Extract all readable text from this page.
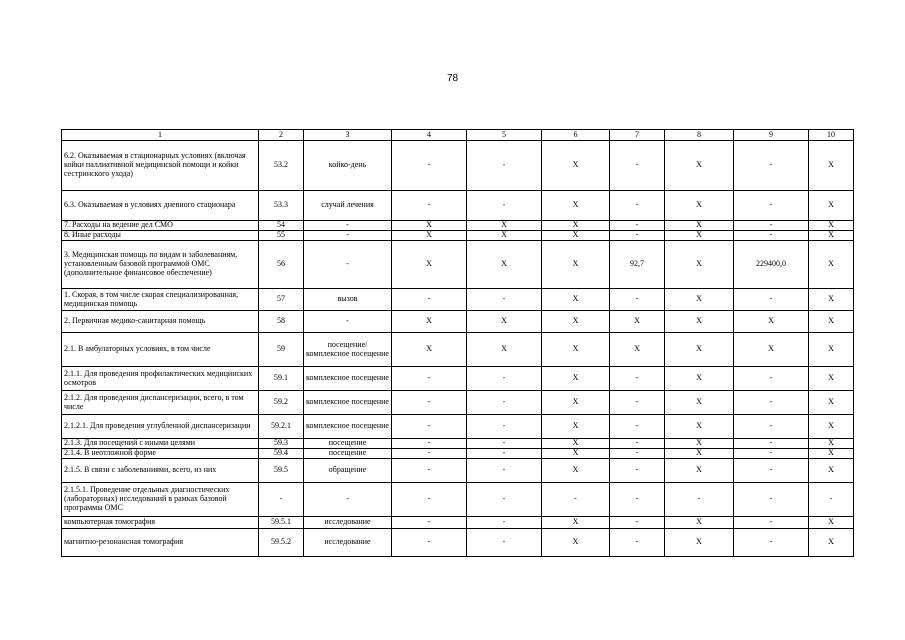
78
1	2	3	4	5	6	7	8	9	10
6.2. Оказываемая в стационарных условиях (включая койки паллиативной медицинской помощи и койки сестринского ухода)	53.2	койко-день	-	-	X	-	X	-	X
6.3. Оказываемая в условиях дневного стационара	53.3	случай лечения	-	-	X	-	X	-	X
7. Расходы на ведение дел СМО	54	-	X	X	X	-	X	-	X
8. Иные расходы	55	-	X	X	X	-	X	-	X
3. Медицинская помощь по видам и заболеваниям, установленным базовой программой ОМС (дополнительное финансовое обеспечение)	56	-	X	X	X	92,7	X	229400,0	X
1. Скорая, в том числе скорая специализированная, медицинская помощь	57	вызов	-	-	X	-	X	-	X
2. Первичная медико-санитарная помощь	58	-	X	X	X	X	X	X	X
2.1. В амбулаторных условиях, в том числе	59	посещение/ комплексное посещение	X	X	X	X	X	X	X
2.1.1. Для проведения профилактических медицинских осмотров	59.1	комплексное посещение	-	-	X	-	X	-	X
2.1.2. Для проведения диспансеризации, всего, в том числе	59.2	комплексное посещение	-	-	X	-	X	-	X
2.1.2.1. Для проведения углубленной диспансеризации	59.2.1	комплексное посещение	-	-	X	-	X	-	X
2.1.3. Для посещений с иными целями	59.3	посещение	-	-	X	-	X	-	X
2.1.4. В неотложной форме	59.4	посещение	-	-	X	-	X	-	X
2.1.5. В связи с заболеваниями, всего, из них	59.5	обращение	-	-	X	-	X	-	X
2.1.5.1. Проведение отдельных диагностических (лабораторных) исследований в рамках базовой программы ОМС	-	-	-	-	-	-	-	-	-
компьютерная томография	59.5.1	исследование	-	-	X	-	X	-	X
магнитно-резонансная томография	59.5.2	исследование	-	-	X	-	X	-	X
